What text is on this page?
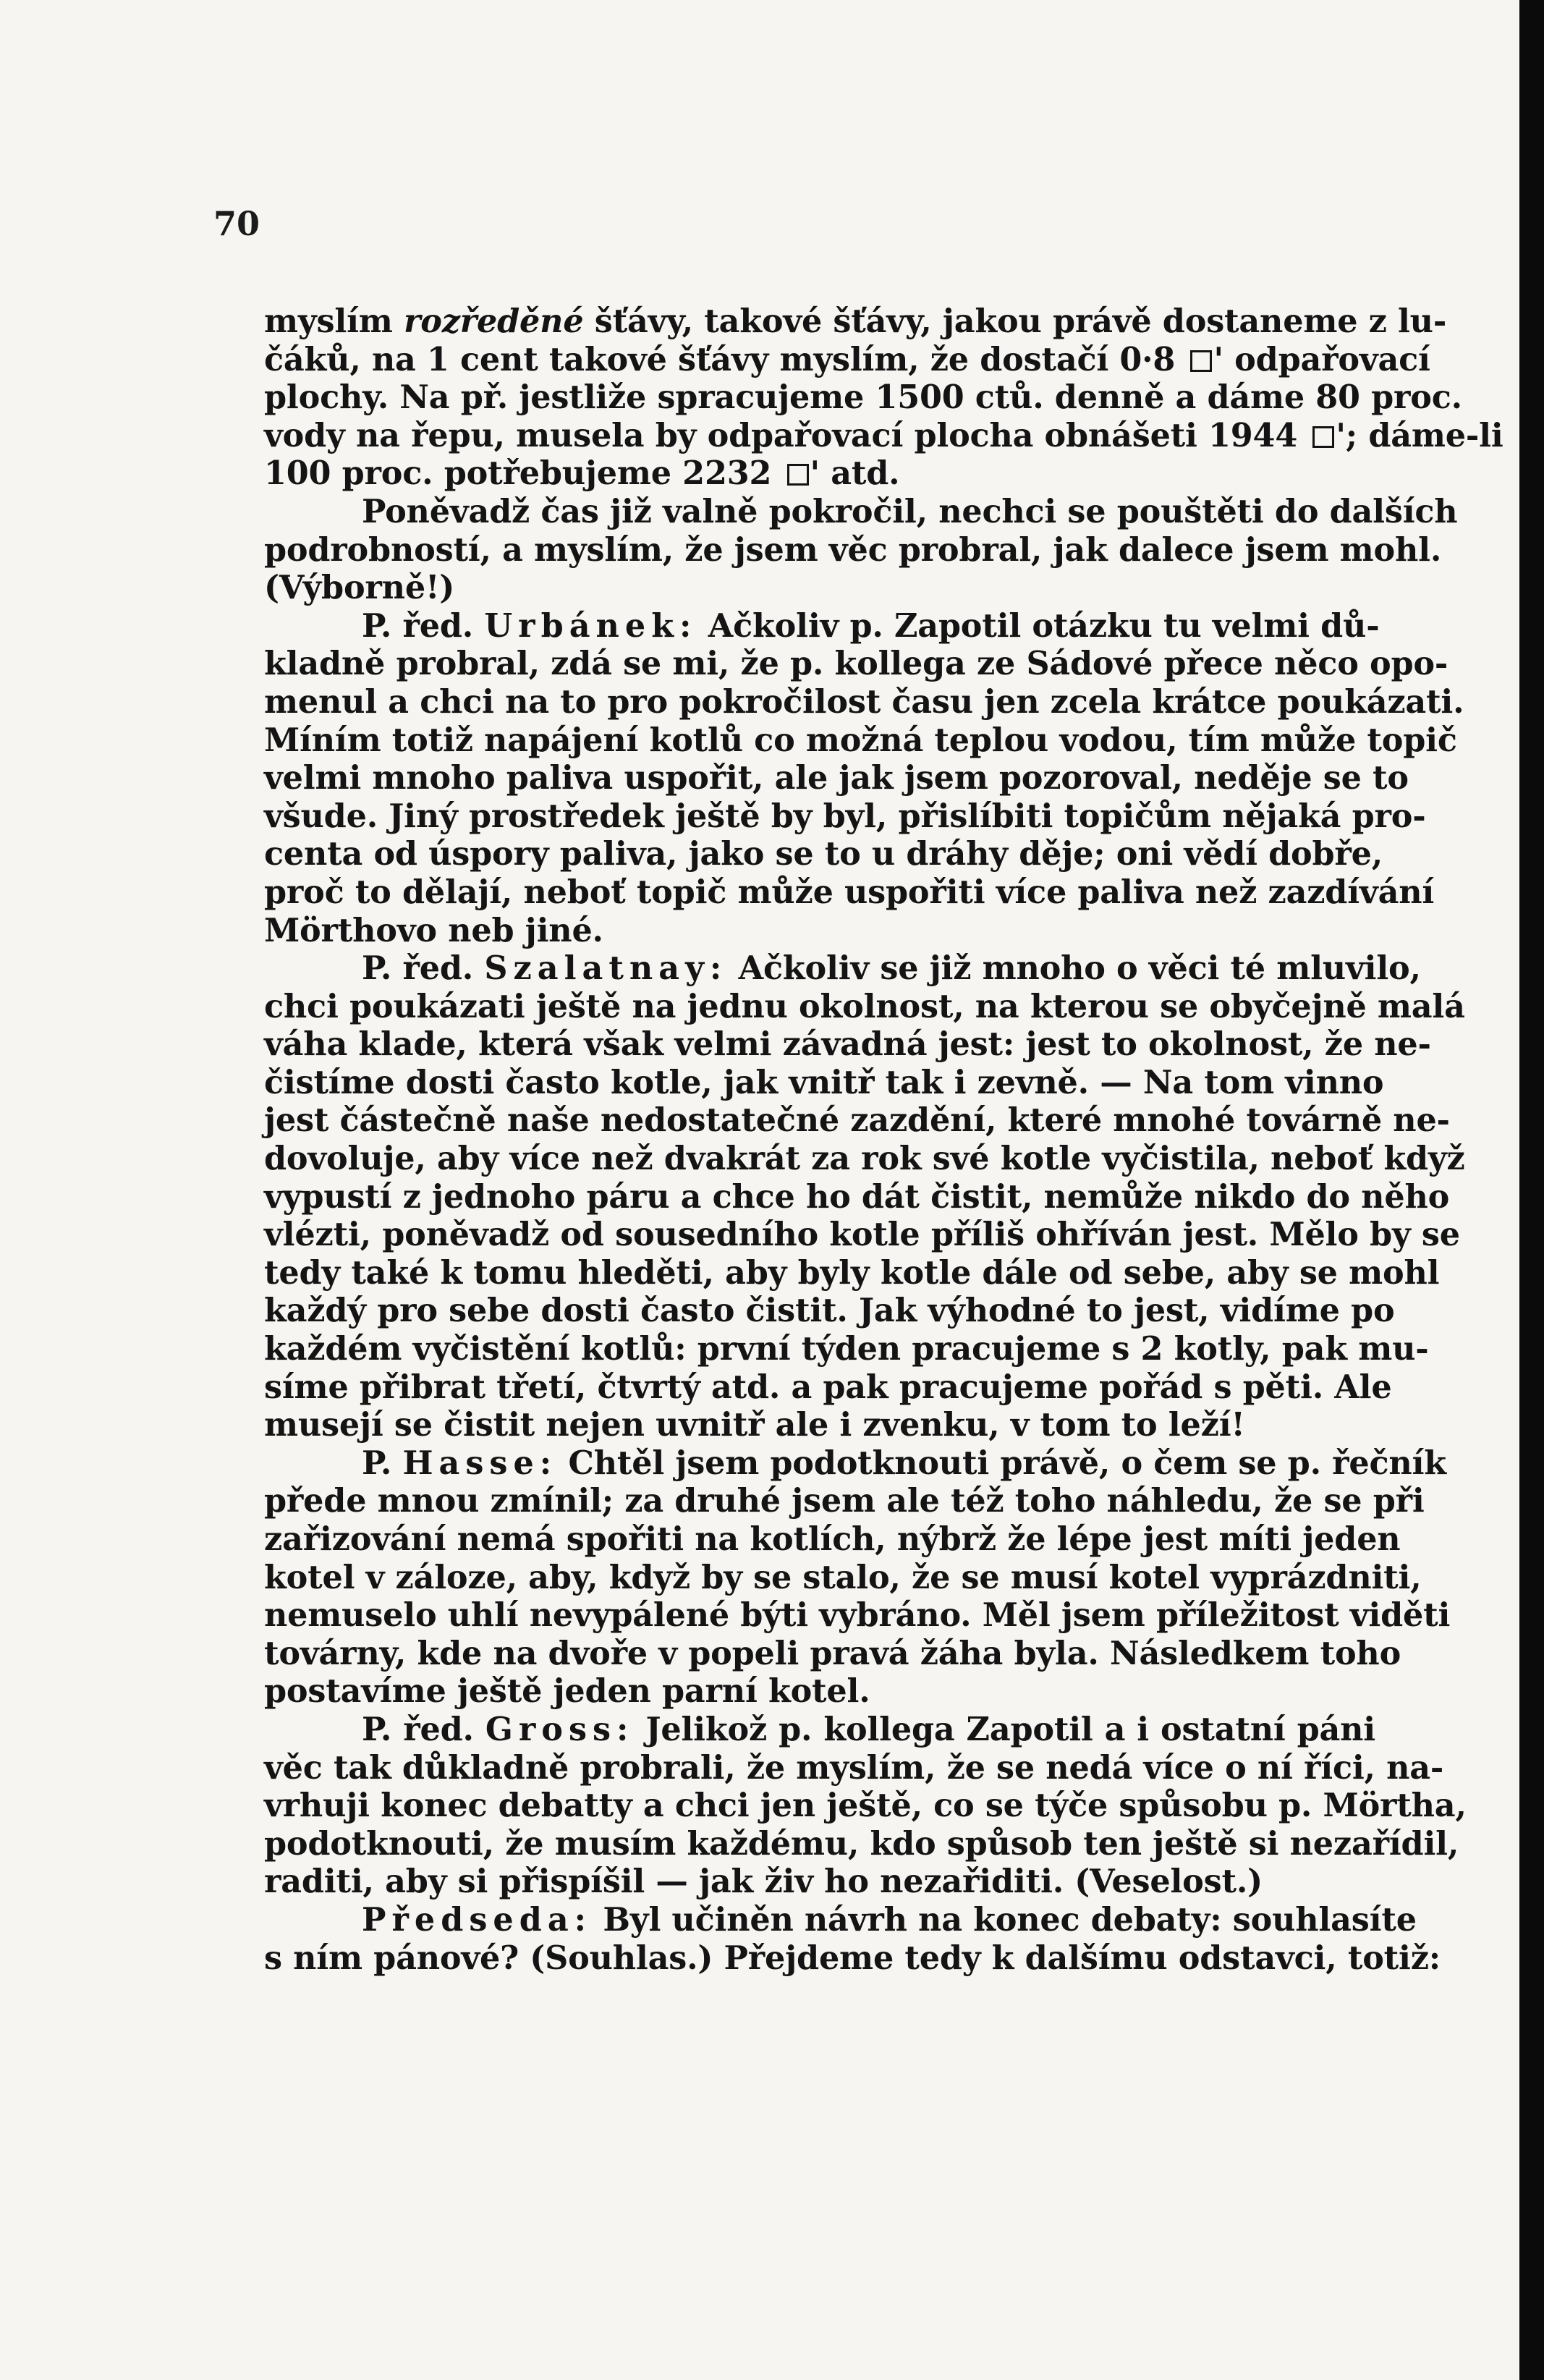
70
myslím rozředěné šťávy, takové šťávy, jakou právě dostaneme z lu-
čáků, na 1 cent takové šťávy myslím, že dostačí 0·8 ' odpařovací
plochy. Na př. jestliže spracujeme 1500 ctů. denně a dáme 80 proc.
vody na řepu, musela by odpařovací plocha obnášeti 1944 '; dáme-li
100 proc. potřebujeme 2232 ' atd.
Poněvadž čas již valně pokročil, nechci se pouštěti do dalších
podrobností, a myslím, že jsem věc probral, jak dalece jsem mohl.
(Výborně!)
P. řed. Urbánek: Ačkoliv p. Zapotil otázku tu velmi dů-
kladně probral, zdá se mi, že p. kollega ze Sádové přece něco opo-
menul a chci na to pro pokročilost času jen zcela krátce poukázati.
Míním totiž napájení kotlů co možná teplou vodou, tím může topič
velmi mnoho paliva uspořit, ale jak jsem pozoroval, neděje se to
všude. Jiný prostředek ještě by byl, přislíbiti topičům nějaká pro-
centa od úspory paliva, jako se to u dráhy děje; oni vědí dobře,
proč to dělají, neboť topič může uspořiti více paliva než zazdívání
Mörthovo neb jiné.
P. řed. Szalatnay: Ačkoliv se již mnoho o věci té mluvilo,
chci poukázati ještě na jednu okolnost, na kterou se obyčejně malá
váha klade, která však velmi závadná jest: jest to okolnost, že ne-
čistíme dosti často kotle, jak vnitř tak i zevně. — Na tom vinno
jest částečně naše nedostatečné zazdění, které mnohé továrně ne-
dovoluje, aby více než dvakrát za rok své kotle vyčistila, neboť když
vypustí z jednoho páru a chce ho dát čistit, nemůže nikdo do něho
vlézti, poněvadž od sousedního kotle příliš ohříván jest. Mělo by se
tedy také k tomu hleděti, aby byly kotle dále od sebe, aby se mohl
každý pro sebe dosti často čistit. Jak výhodné to jest, vidíme po
každém vyčistění kotlů: první týden pracujeme s 2 kotly, pak mu-
síme přibrat třetí, čtvrtý atd. a pak pracujeme pořád s pěti. Ale
musejí se čistit nejen uvnitř ale i zvenku, v tom to leží!
P. Hasse: Chtěl jsem podotknouti právě, o čem se p. řečník
přede mnou zmínil; za druhé jsem ale též toho náhledu, že se při
zařizování nemá spořiti na kotlích, nýbrž že lépe jest míti jeden
kotel v záloze, aby, když by se stalo, že se musí kotel vyprázdniti,
nemuselo uhlí nevypálené býti vybráno. Měl jsem příležitost viděti
továrny, kde na dvoře v popeli pravá žáha byla. Následkem toho
postavíme ještě jeden parní kotel.
P. řed. Gross: Jelikož p. kollega Zapotil a i ostatní páni
věc tak důkladně probrali, že myslím, že se nedá více o ní říci, na-
vrhuji konec debatty a chci jen ještě, co se týče spůsobu p. Mörtha,
podotknouti, že musím každému, kdo spůsob ten ještě si nezařídil,
raditi, aby si přispíšil — jak živ ho nezařiditi. (Veselost.)
Předseda: Byl učiněn návrh na konec debaty: souhlasíte
s ním pánové? (Souhlas.) Přejdeme tedy k dalšímu odstavci, totiž:
